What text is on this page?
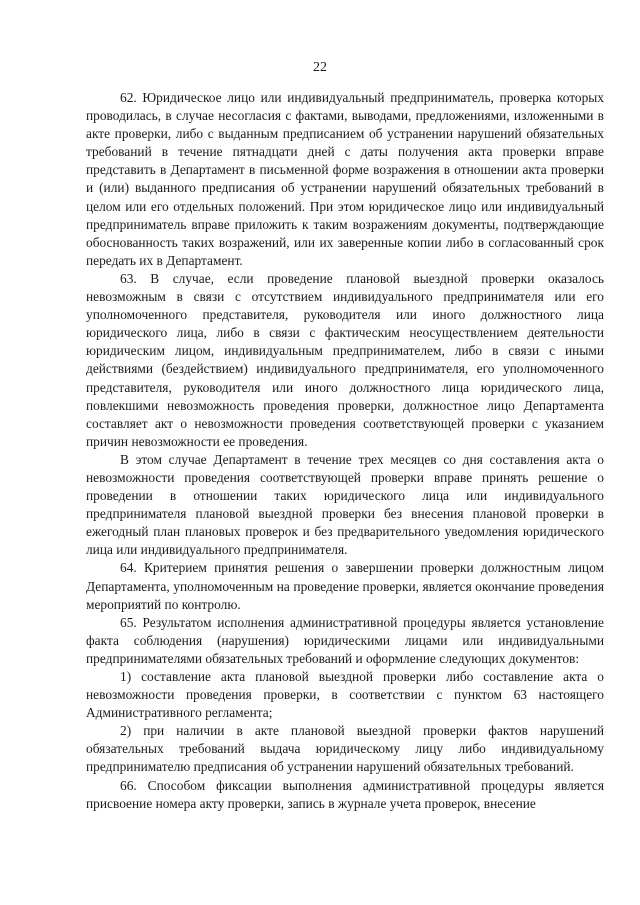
22

62. Юридическое лицо или индивидуальный предприниматель, проверка которых проводилась, в случае несогласия с фактами, выводами, предложениями, изложенными в акте проверки, либо с выданным предписанием об устранении нарушений обязательных требований в течение пятнадцати дней с даты получения акта проверки вправе представить в Департамент в письменной форме возражения в отношении акта проверки и (или) выданного предписания об устранении нарушений обязательных требований в целом или его отдельных положений. При этом юридическое лицо или индивидуальный предприниматель вправе приложить к таким возражениям документы, подтверждающие обоснованность таких возражений, или их заверенные копии либо в согласованный срок передать их в Департамент.

63. В случае, если проведение плановой выездной проверки оказалось невозможным в связи с отсутствием индивидуального предпринимателя или его уполномоченного представителя, руководителя или иного должностного лица юридического лица, либо в связи с фактическим неосуществлением деятельности юридическим лицом, индивидуальным предпринимателем, либо в связи с иными действиями (бездействием) индивидуального предпринимателя, его уполномоченного представителя, руководителя или иного должностного лица юридического лица, повлекшими невозможность проведения проверки, должностное лицо Департамента составляет акт о невозможности проведения соответствующей проверки с указанием причин невозможности ее проведения.

В этом случае Департамент в течение трех месяцев со дня составления акта о невозможности проведения соответствующей проверки вправе принять решение о проведении в отношении таких юридического лица или индивидуального предпринимателя плановой выездной проверки без внесения плановой проверки в ежегодный план плановых проверок и без предварительного уведомления юридического лица или индивидуального предпринимателя.

64. Критерием принятия решения о завершении проверки должностным лицом Департамента, уполномоченным на проведение проверки, является окончание проведения мероприятий по контролю.

65. Результатом исполнения административной процедуры является установление факта соблюдения (нарушения) юридическими лицами или индивидуальными предпринимателями обязательных требований и оформление следующих документов:

1) составление акта плановой выездной проверки либо составление акта о невозможности проведения проверки, в соответствии с пунктом 63 настоящего Административного регламента;

2) при наличии в акте плановой выездной проверки фактов нарушений обязательных требований выдача юридическому лицу либо индивидуальному предпринимателю предписания об устранении нарушений обязательных требований.

66. Способом фиксации выполнения административной процедуры является присвоение номера акту проверки, запись в журнале учета проверок, внесение
